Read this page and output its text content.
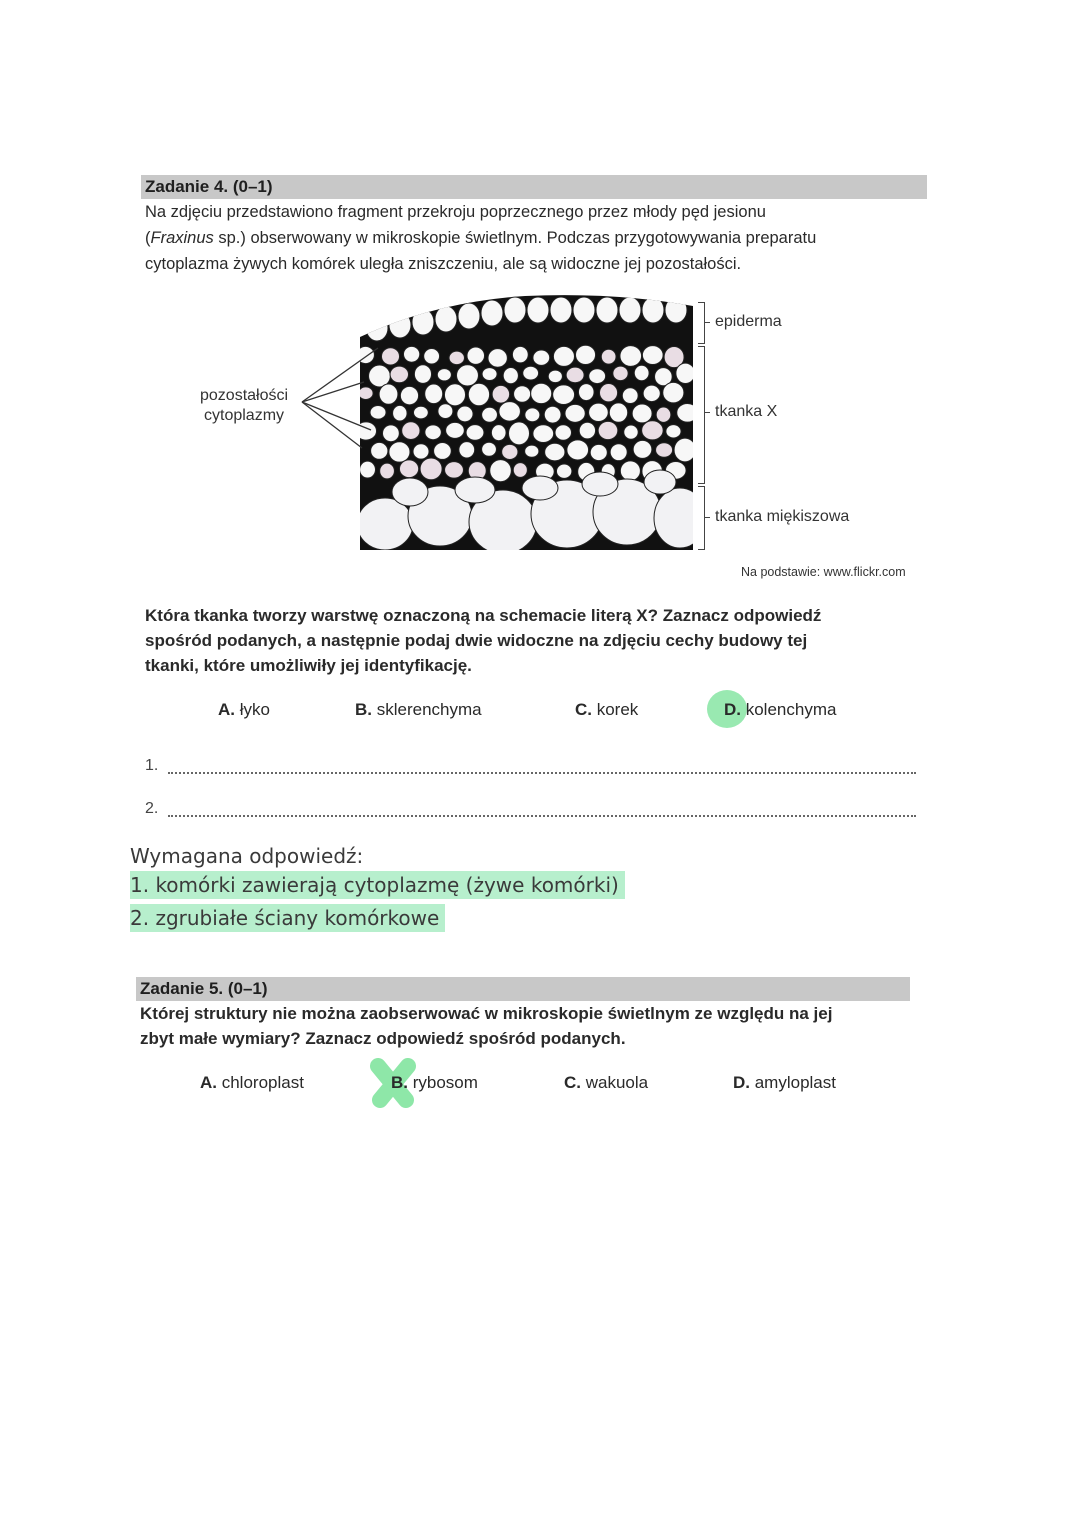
Zadanie 4. (0–1)
Na zdjęciu przedstawiono fragment przekroju poprzecznego przez młody pęd jesionu
(Fraxinus sp.) obserwowany w mikroskopie świetlnym. Podczas przygotowywania preparatu
cytoplazma żywych komórek uległa zniszczeniu, ale są widoczne jej pozostałości.
pozostałości
cytoplazmy
epiderma
tkanka X
tkanka miękiszowa
Na podstawie: www.flickr.com
Która tkanka tworzy warstwę oznaczoną na schemacie literą X? Zaznacz odpowiedź
spośród podanych, a następnie podaj dwie widoczne na zdjęciu cechy budowy tej
tkanki, które umożliwiły jej identyfikację.
A. łyko	B. sklerenchyma	C. korek	D. kolenchyma
1.
2.
Wymagana odpowiedź:
1. komórki zawierają cytoplazmę (żywe komórki)
2. zgrubiałe ściany komórkowe
Zadanie 5. (0–1)
Której struktury nie można zaobserwować w mikroskopie świetlnym ze względu na jej
zbyt małe wymiary? Zaznacz odpowiedź spośród podanych.
A. chloroplast	B. rybosom	C. wakuola	D. amyloplast
